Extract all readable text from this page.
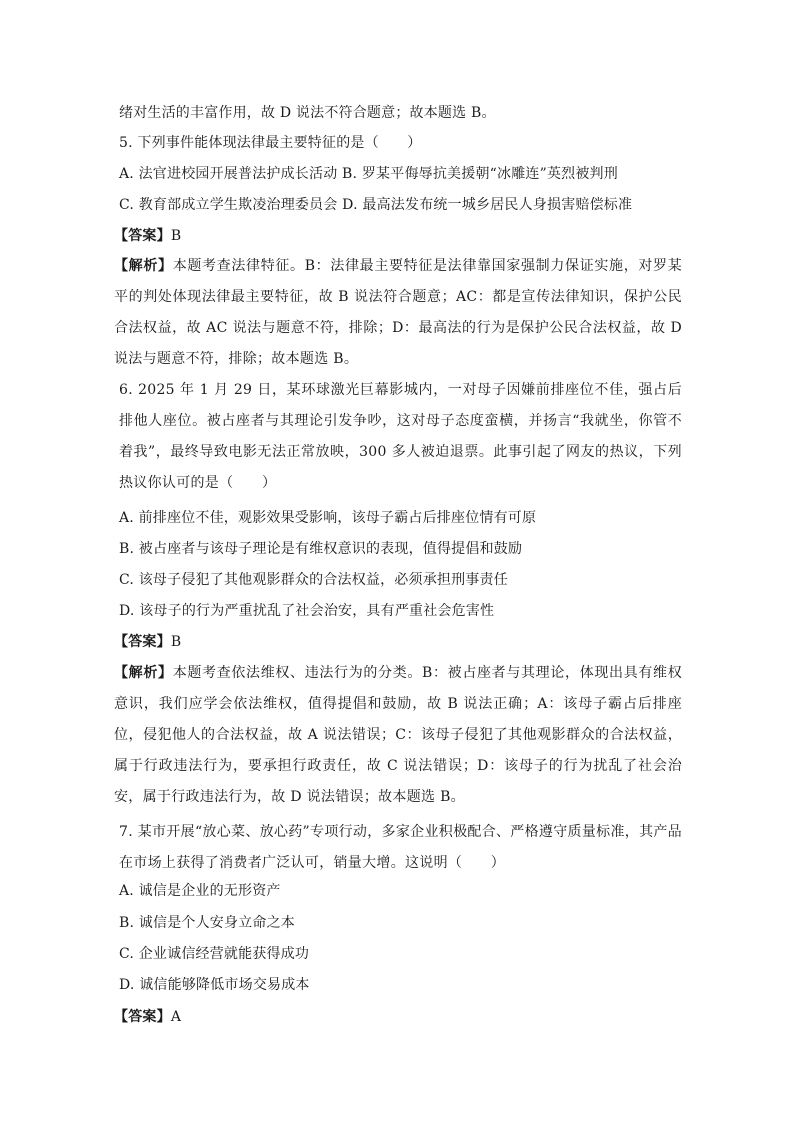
绪对生活的丰富作用，故 D 说法不符合题意；故本题选 B。
5. 下列事件能体现法律最主要特征的是（　　）
A. 法官进校园开展普法护成长活动 B. 罗某平侮辱抗美援朝“冰雕连”英烈被判刑
C. 教育部成立学生欺凌治理委员会 D. 最高法发布统一城乡居民人身损害赔偿标准
【答案】B
【解析】本题考查法律特征。B：法律最主要特征是法律靠国家强制力保证实施，对罗某平的判处体现法律最主要特征，故 B 说法符合题意；AC：都是宣传法律知识，保护公民合法权益，故 AC 说法与题意不符，排除；D：最高法的行为是保护公民合法权益，故 D 说法与题意不符，排除；故本题选 B。
6. 2025 年 1 月 29 日，某环球激光巨幕影城内，一对母子因嫌前排座位不佳，强占后排他人座位。被占座者与其理论引发争吵，这对母子态度蛮横，并扬言“我就坐，你管不着我”，最终导致电影无法正常放映，300 多人被迫退票。此事引起了网友的热议，下列热议你认可的是（　　）
A. 前排座位不佳，观影效果受影响，该母子霸占后排座位情有可原
B. 被占座者与该母子理论是有维权意识的表现，值得提倡和鼓励
C. 该母子侵犯了其他观影群众的合法权益，必须承担刑事责任
D. 该母子的行为严重扰乱了社会治安，具有严重社会危害性
【答案】B
【解析】本题考查依法维权、违法行为的分类。B：被占座者与其理论，体现出具有维权意识，我们应学会依法维权，值得提倡和鼓励，故 B 说法正确；A：该母子霸占后排座位，侵犯他人的合法权益，故 A 说法错误；C：该母子侵犯了其他观影群众的合法权益，属于行政违法行为，要承担行政责任，故 C 说法错误；D：该母子的行为扰乱了社会治安，属于行政违法行为，故 D 说法错误；故本题选 B。
7. 某市开展“放心菜、放心药”专项行动，多家企业积极配合、严格遵守质量标准，其产品在市场上获得了消费者广泛认可，销量大增。这说明（　　）
A. 诚信是企业的无形资产
B. 诚信是个人安身立命之本
C. 企业诚信经营就能获得成功
D. 诚信能够降低市场交易成本
【答案】A
